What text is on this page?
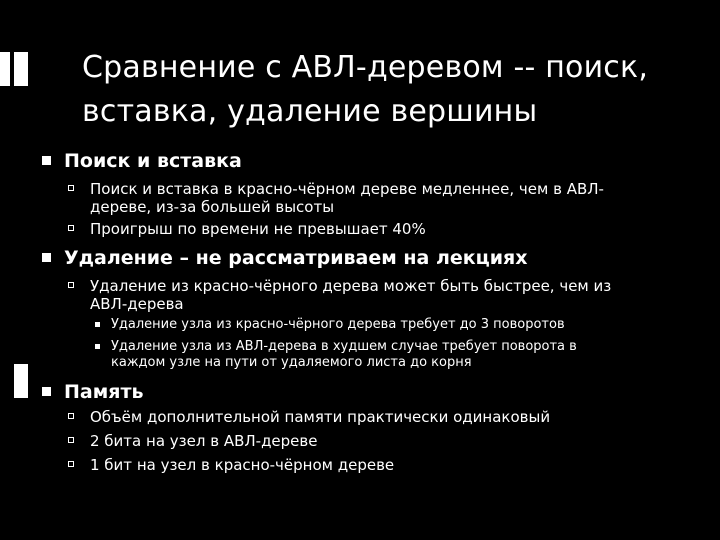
Сравнение с АВЛ-деревом -- поиск,
вставка, удаление вершины
Поиск и вставка
Поиск и вставка в красно-чёрном дереве медленнее, чем в АВЛ-
дереве, из-за большей высоты
Проигрыш по времени не превышает 40%
Удаление – не рассматриваем на лекциях
Удаление из красно-чёрного дерева может быть быстрее, чем из
АВЛ-дерева
Удаление узла из красно-чёрного дерева требует до 3 поворотов
Удаление узла из АВЛ-дерева в худшем случае требует поворота в
каждом узле на пути от удаляемого листа до корня
Память
Объём дополнительной памяти практически одинаковый
2 бита на узел в АВЛ-дереве
1 бит на узел в красно-чёрном дереве
